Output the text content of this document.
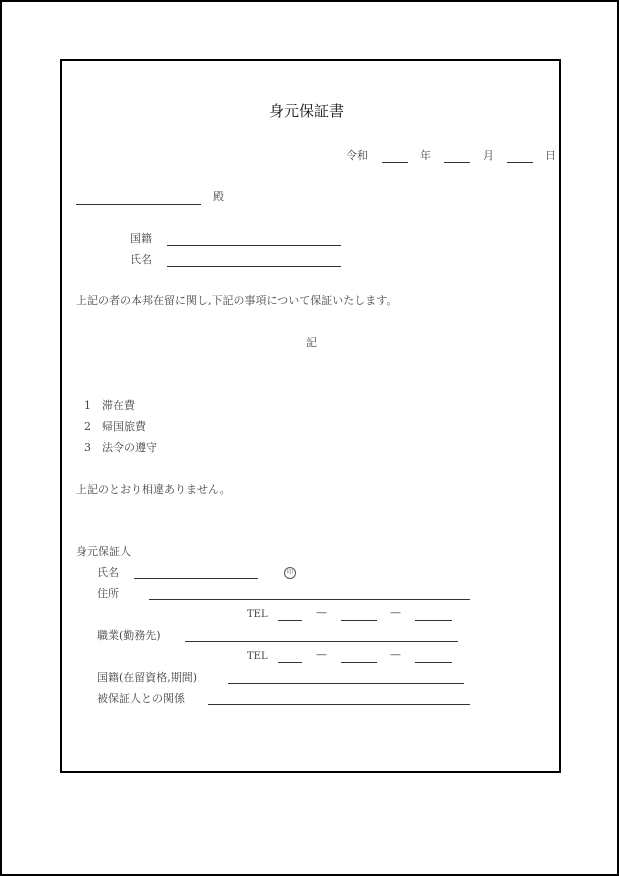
身元保証書
令和	年	月	日
殿
国籍
氏名
上記の者の本邦在留に関し,下記の事項について保証いたします。
記
1 滞在費
2 帰国旅費
3 法令の遵守
上記のとおり相違ありません。
身元保証人
氏名	印
住所
TEL	—	—
職業(勤務先)
TEL	—	—
国籍(在留資格,期間)
被保証人との関係
